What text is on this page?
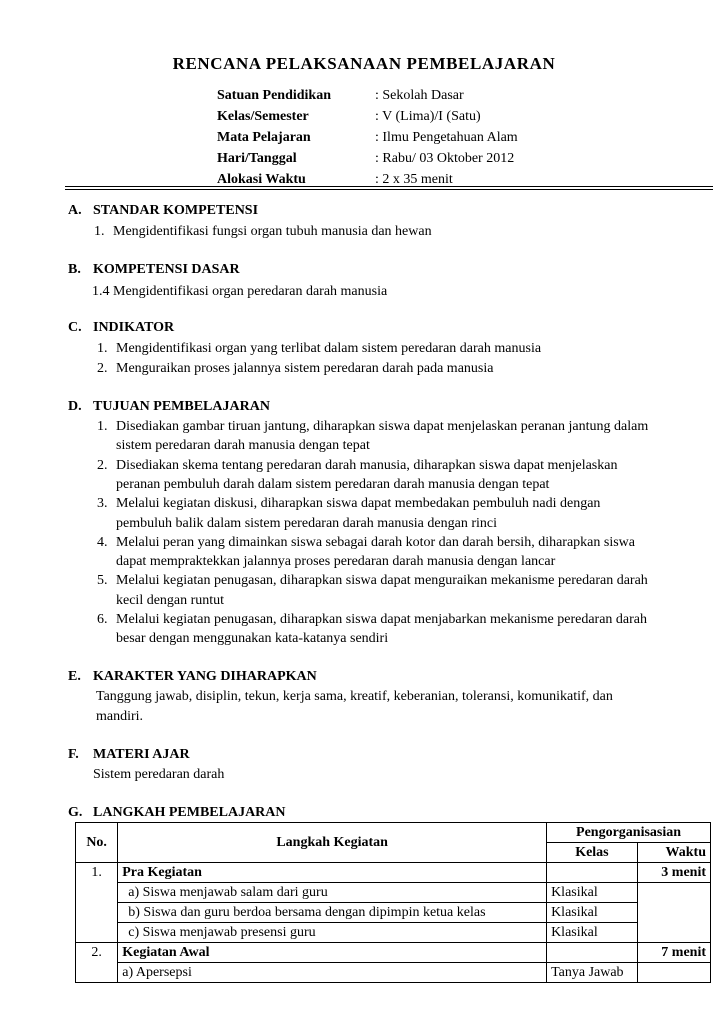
RENCANA PELAKSANAAN PEMBELAJARAN
Satuan Pendidikan	: Sekolah Dasar
Kelas/Semester	: V (Lima)/I (Satu)
Mata Pelajaran	: Ilmu Pengetahuan Alam
Hari/Tanggal	: Rabu/ 03 Oktober 2012
Alokasi Waktu	: 2 x 35 menit
A. STANDAR KOMPETENSI
1. Mengidentifikasi fungsi organ tubuh manusia dan hewan
B. KOMPETENSI DASAR
1.4 Mengidentifikasi organ peredaran darah manusia
C. INDIKATOR
1. Mengidentifikasi organ yang terlibat dalam sistem peredaran darah manusia
2. Menguraikan proses jalannya sistem peredaran darah pada manusia
D. TUJUAN PEMBELAJARAN
1. Disediakan gambar tiruan jantung, diharapkan siswa dapat menjelaskan peranan jantung dalam
sistem peredaran darah manusia dengan tepat
2. Disediakan skema tentang peredaran darah manusia, diharapkan siswa dapat menjelaskan
peranan pembuluh darah dalam sistem peredaran darah manusia dengan tepat
3. Melalui kegiatan diskusi, diharapkan siswa dapat membedakan pembuluh nadi dengan
pembuluh balik dalam sistem peredaran darah manusia dengan rinci
4. Melalui peran yang dimainkan siswa sebagai darah kotor dan darah bersih, diharapkan siswa
dapat mempraktekkan jalannya proses peredaran darah manusia dengan lancar
5. Melalui kegiatan penugasan, diharapkan siswa dapat menguraikan mekanisme peredaran darah
kecil dengan runtut
6. Melalui kegiatan penugasan, diharapkan siswa dapat menjabarkan mekanisme peredaran darah
besar dengan menggunakan kata-katanya sendiri
E. KARAKTER YANG DIHARAPKAN
Tanggung jawab, disiplin, tekun, kerja sama, kreatif, keberanian, toleransi, komunikatif, dan
mandiri.
F. MATERI AJAR
Sistem peredaran darah
G. LANGKAH PEMBELAJARAN
No.	Langkah Kegiatan	Pengorganisasian	
		Kelas	Waktu
1.	Pra Kegiatan		3 menit
	a) Siswa menjawab salam dari guru	Klasikal	
	b) Siswa dan guru berdoa bersama dengan dipimpin ketua kelas	Klasikal	
	c) Siswa menjawab presensi guru	Klasikal	
2.	Kegiatan Awal		7 menit
	a) Apersepsi	Tanya Jawab	
